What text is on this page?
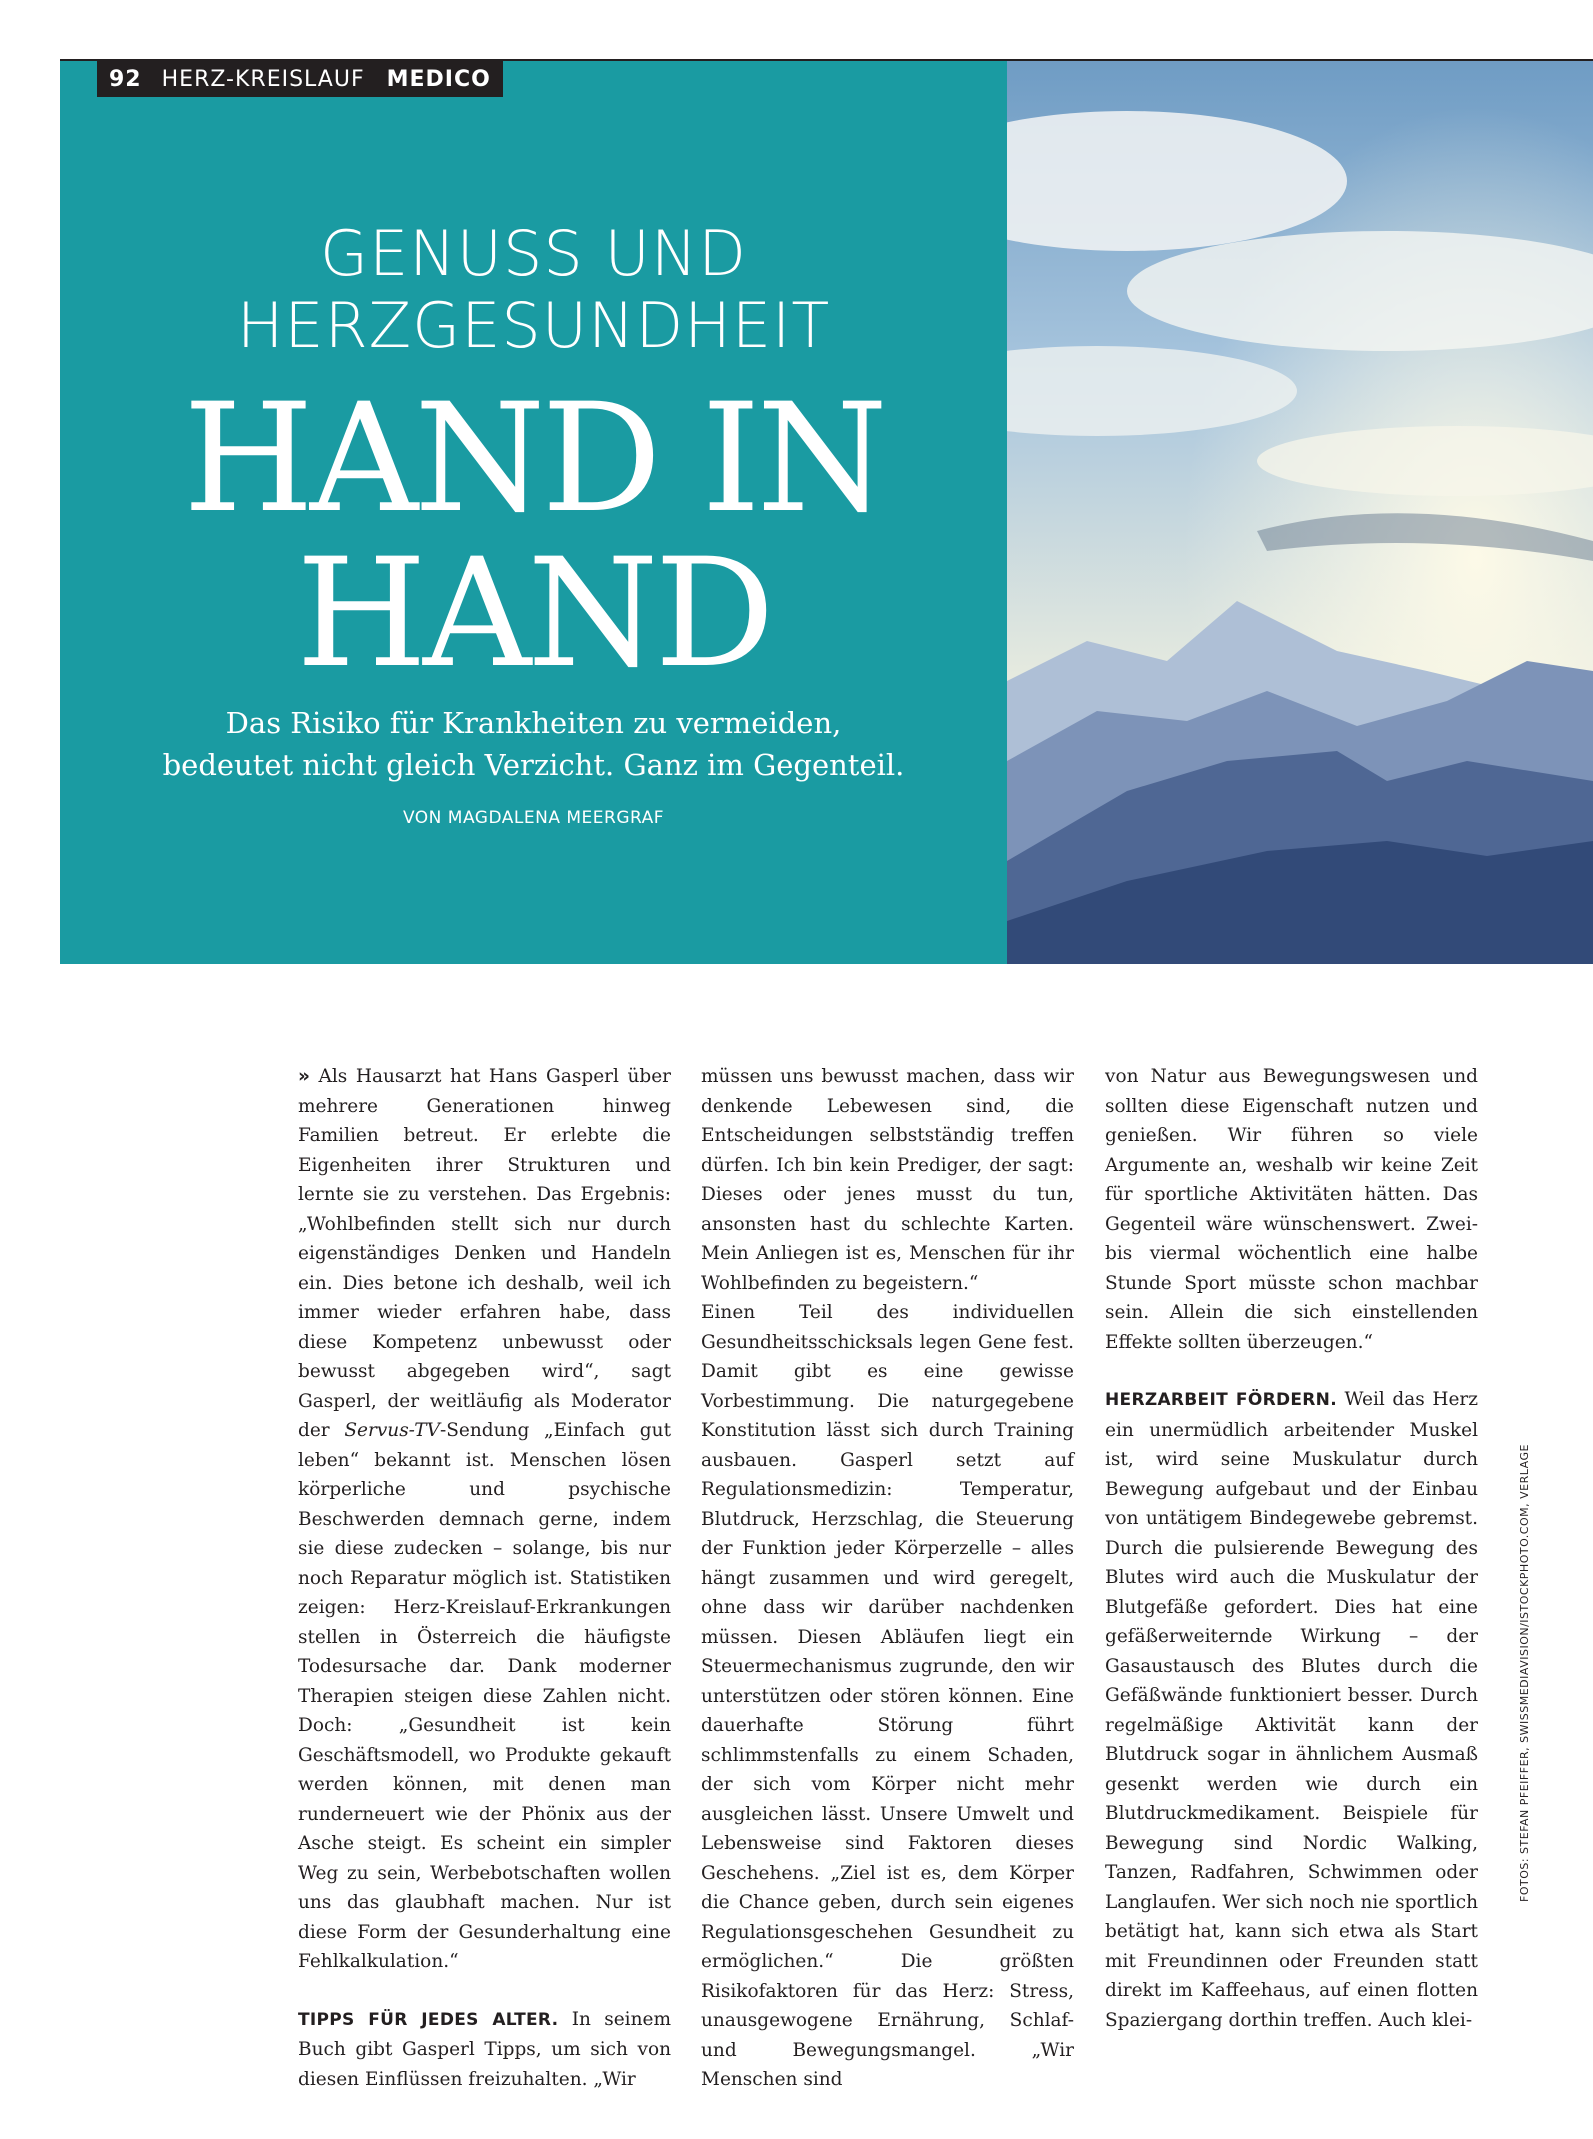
92 HERZ-KREISLAUF MEDICO
GENUSS UND
HERZGESUNDHEIT
HAND IN
HAND
Das Risiko für Krankheiten zu vermeiden,
bedeutet nicht gleich Verzicht. Ganz im Gegenteil.
VON MAGDALENA MEERGRAF

» Als Hausarzt hat Hans Gasperl über mehrere Generationen hinweg Familien betreut. Er erlebte die Eigenheiten ihrer Strukturen und lernte sie zu verstehen. Das Ergebnis: „Wohlbefinden stellt sich nur durch eigenständiges Denken und Handeln ein. Dies betone ich deshalb, weil ich immer wieder erfahren habe, dass diese Kompetenz unbewusst oder bewusst abgegeben wird“, sagt Gasperl, der weitläufig als Moderator der Servus-TV-Sendung „Einfach gut leben“ bekannt ist. Menschen lösen körperliche und psychische Beschwerden demnach gerne, indem sie diese zudecken – solange, bis nur noch Reparatur möglich ist. Statistiken zeigen: Herz-Kreislauf-Erkrankungen stellen in Österreich die häufigste Todesursache dar. Dank moderner Therapien steigen diese Zahlen nicht. Doch: „Gesundheit ist kein Geschäftsmodell, wo Produkte gekauft werden können, mit denen man runderneuert wie der Phönix aus der Asche steigt. Es scheint ein simpler Weg zu sein, Werbebotschaften wollen uns das glaubhaft machen. Nur ist diese Form der Gesunderhaltung eine Fehlkalkulation.“

TIPPS FÜR JEDES ALTER. In seinem Buch gibt Gasperl Tipps, um sich von diesen Einflüssen freizuhalten. „Wir

müssen uns bewusst machen, dass wir denkende Lebewesen sind, die Entscheidungen selbstständig treffen dürfen. Ich bin kein Prediger, der sagt: Dieses oder jenes musst du tun, ansonsten hast du schlechte Karten. Mein Anliegen ist es, Menschen für ihr Wohlbefinden zu begeistern.“

Einen Teil des individuellen Gesundheitsschicksals legen Gene fest. Damit gibt es eine gewisse Vorbestimmung. Die naturgegebene Konstitution lässt sich durch Training ausbauen. Gasperl setzt auf Regulationsmedizin: Temperatur, Blutdruck, Herzschlag, die Steuerung der Funktion jeder Körperzelle – alles hängt zusammen und wird geregelt, ohne dass wir darüber nachdenken müssen. Diesen Abläufen liegt ein Steuermechanismus zugrunde, den wir unterstützen oder stören können. Eine dauerhafte Störung führt schlimmstenfalls zu einem Schaden, der sich vom Körper nicht mehr ausgleichen lässt. Unsere Umwelt und Lebensweise sind Faktoren dieses Geschehens. „Ziel ist es, dem Körper die Chance geben, durch sein eigenes Regulationsgeschehen Gesundheit zu ermöglichen.“ Die größten Risikofaktoren für das Herz: Stress, unausgewogene Ernährung, Schlaf- und Bewegungsmangel. „Wir Menschen sind

von Natur aus Bewegungswesen und sollten diese Eigenschaft nutzen und genießen. Wir führen so viele Argumente an, weshalb wir keine Zeit für sportliche Aktivitäten hätten. Das Gegenteil wäre wünschenswert. Zwei- bis viermal wöchentlich eine halbe Stunde Sport müsste schon machbar sein. Allein die sich einstellenden Effekte sollten überzeugen.“

HERZARBEIT FÖRDERN. Weil das Herz ein unermüdlich arbeitender Muskel ist, wird seine Muskulatur durch Bewegung aufgebaut und der Einbau von untätigem Bindegewebe gebremst. Durch die pulsierende Bewegung des Blutes wird auch die Muskulatur der Blutgefäße gefordert. Dies hat eine gefäßerweiternde Wirkung – der Gasaustausch des Blutes durch die Gefäßwände funktioniert besser. Durch regelmäßige Aktivität kann der Blutdruck sogar in ähnlichem Ausmaß gesenkt werden wie durch ein Blutdruckmedikament. Beispiele für Bewegung sind Nordic Walking, Tanzen, Radfahren, Schwimmen oder Langlaufen. Wer sich noch nie sportlich betätigt hat, kann sich etwa als Start mit Freundinnen oder Freunden statt direkt im Kaffeehaus, auf einen flotten Spaziergang dorthin treffen. Auch klei-

FOTOS: STEFAN PFEIFFER, SWISSMEDIAVISION/ISTOCKPHOTO.COM, VERLAGE
